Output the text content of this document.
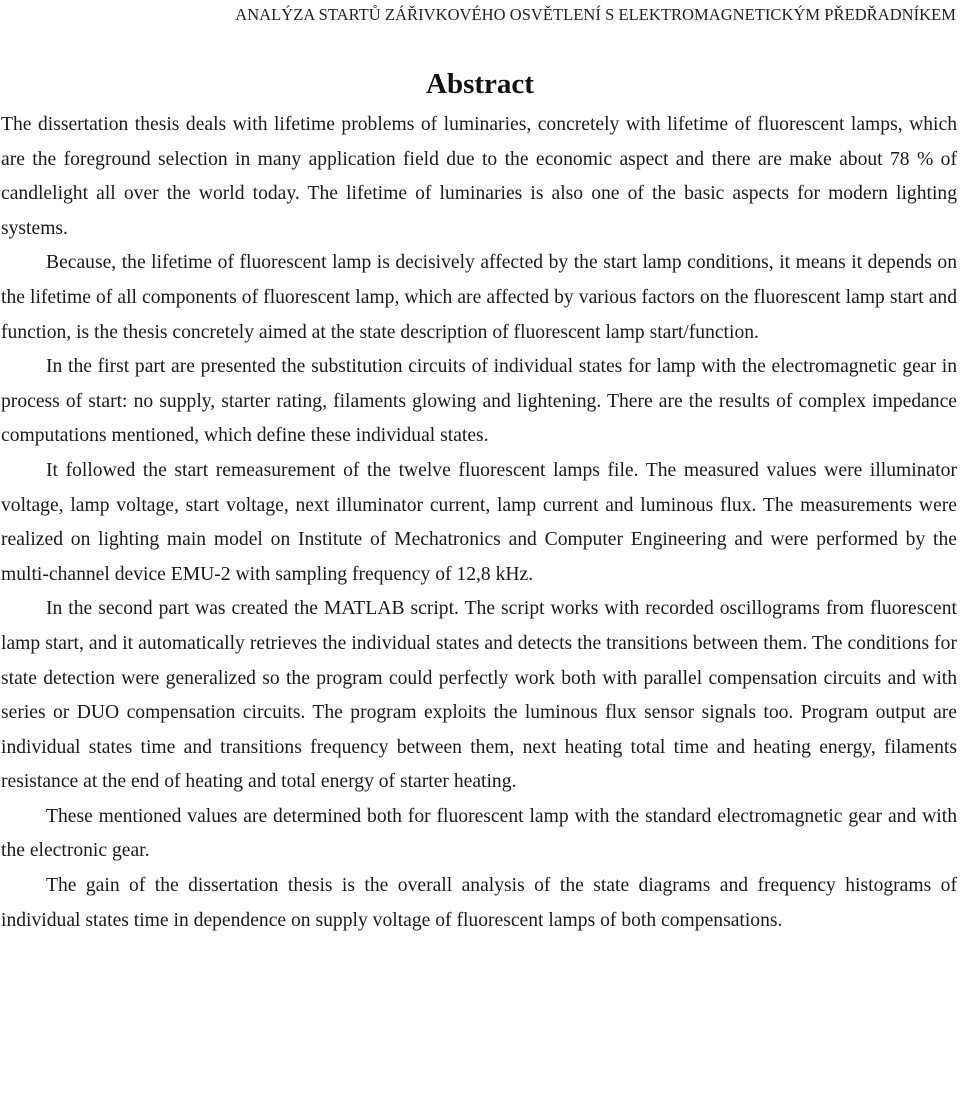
ANALÝZA STARTŮ ZÁŘIVKOVÉHO OSVĚTLENÍ S ELEKTROMAGNETICKÝM PŘEDŘADNÍKEM
Abstract

The dissertation thesis deals with lifetime problems of luminaries, concretely with lifetime of fluorescent lamps, which are the foreground selection in many application field due to the economic aspect and there are make about 78 % of candlelight all over the world today. The lifetime of luminaries is also one of the basic aspects for modern lighting systems.

Because, the lifetime of fluorescent lamp is decisively affected by the start lamp conditions, it means it depends on the lifetime of all components of fluorescent lamp, which are affected by various factors on the fluorescent lamp start and function, is the thesis concretely aimed at the state description of fluorescent lamp start/function.

In the first part are presented the substitution circuits of individual states for lamp with the electromagnetic gear in process of start: no supply, starter rating, filaments glowing and lightening. There are the results of complex impedance computations mentioned, which define these individual states.

It followed the start remeasurement of the twelve fluorescent lamps file. The measured values were illuminator voltage, lamp voltage, start voltage, next illuminator current, lamp current and luminous flux. The measurements were realized on lighting main model on Institute of Mechatronics and Computer Engineering and were performed by the multi-channel device EMU-2 with sampling frequency of 12,8 kHz.

In the second part was created the MATLAB script. The script works with recorded oscillograms from fluorescent lamp start, and it automatically retrieves the individual states and detects the transitions between them. The conditions for state detection were generalized so the program could perfectly work both with parallel compensation circuits and with series or DUO compensation circuits. The program exploits the luminous flux sensor signals too. Program output are individual states time and transitions frequency between them, next heating total time and heating energy, filaments resistance at the end of heating and total energy of starter heating.

These mentioned values are determined both for fluorescent lamp with the standard electromagnetic gear and with the electronic gear.

The gain of the dissertation thesis is the overall analysis of the state diagrams and frequency histograms of individual states time in dependence on supply voltage of fluorescent lamps of both compensations.
